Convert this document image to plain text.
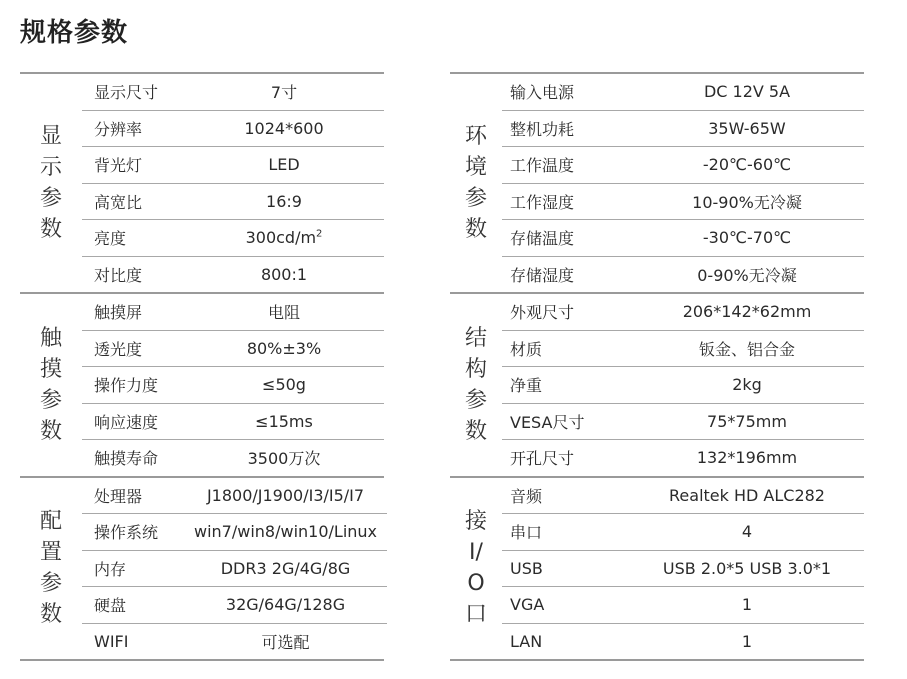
规格参数
显示参数
显示尺寸	7寸
分辨率	1024*600
背光灯	LED
高宽比	16:9
亮度	$300cd/m^2$
对比度	800:1
触摸参数
触摸屏	电阻
透光度	80%±3%
操作力度	≤50g
响应速度	≤15ms
触摸寿命	3500万次
配置参数
处理器	J1800/J1900/I3/I5/I7
操作系统	win7/win8/win10/Linux
内存	DDR3 2G/4G/8G
硬盘	32G/64G/128G
WIFI	可选配
环境参数
输入电源	DC 12V 5A
整机功耗	35W-65W
工作温度	-20℃-60℃
工作湿度	10-90%无冷凝
存储温度	-30℃-70℃
存储湿度	0-90%无冷凝
结构参数
外观尺寸	206*142*62mm
材质	钣金、铝合金
净重	2kg
VESA尺寸	75*75mm
开孔尺寸	132*196mm
接I/O口
音频	Realtek HD ALC282
串口	4
USB	USB 2.0*5 USB 3.0*1
VGA	1
LAN	1
